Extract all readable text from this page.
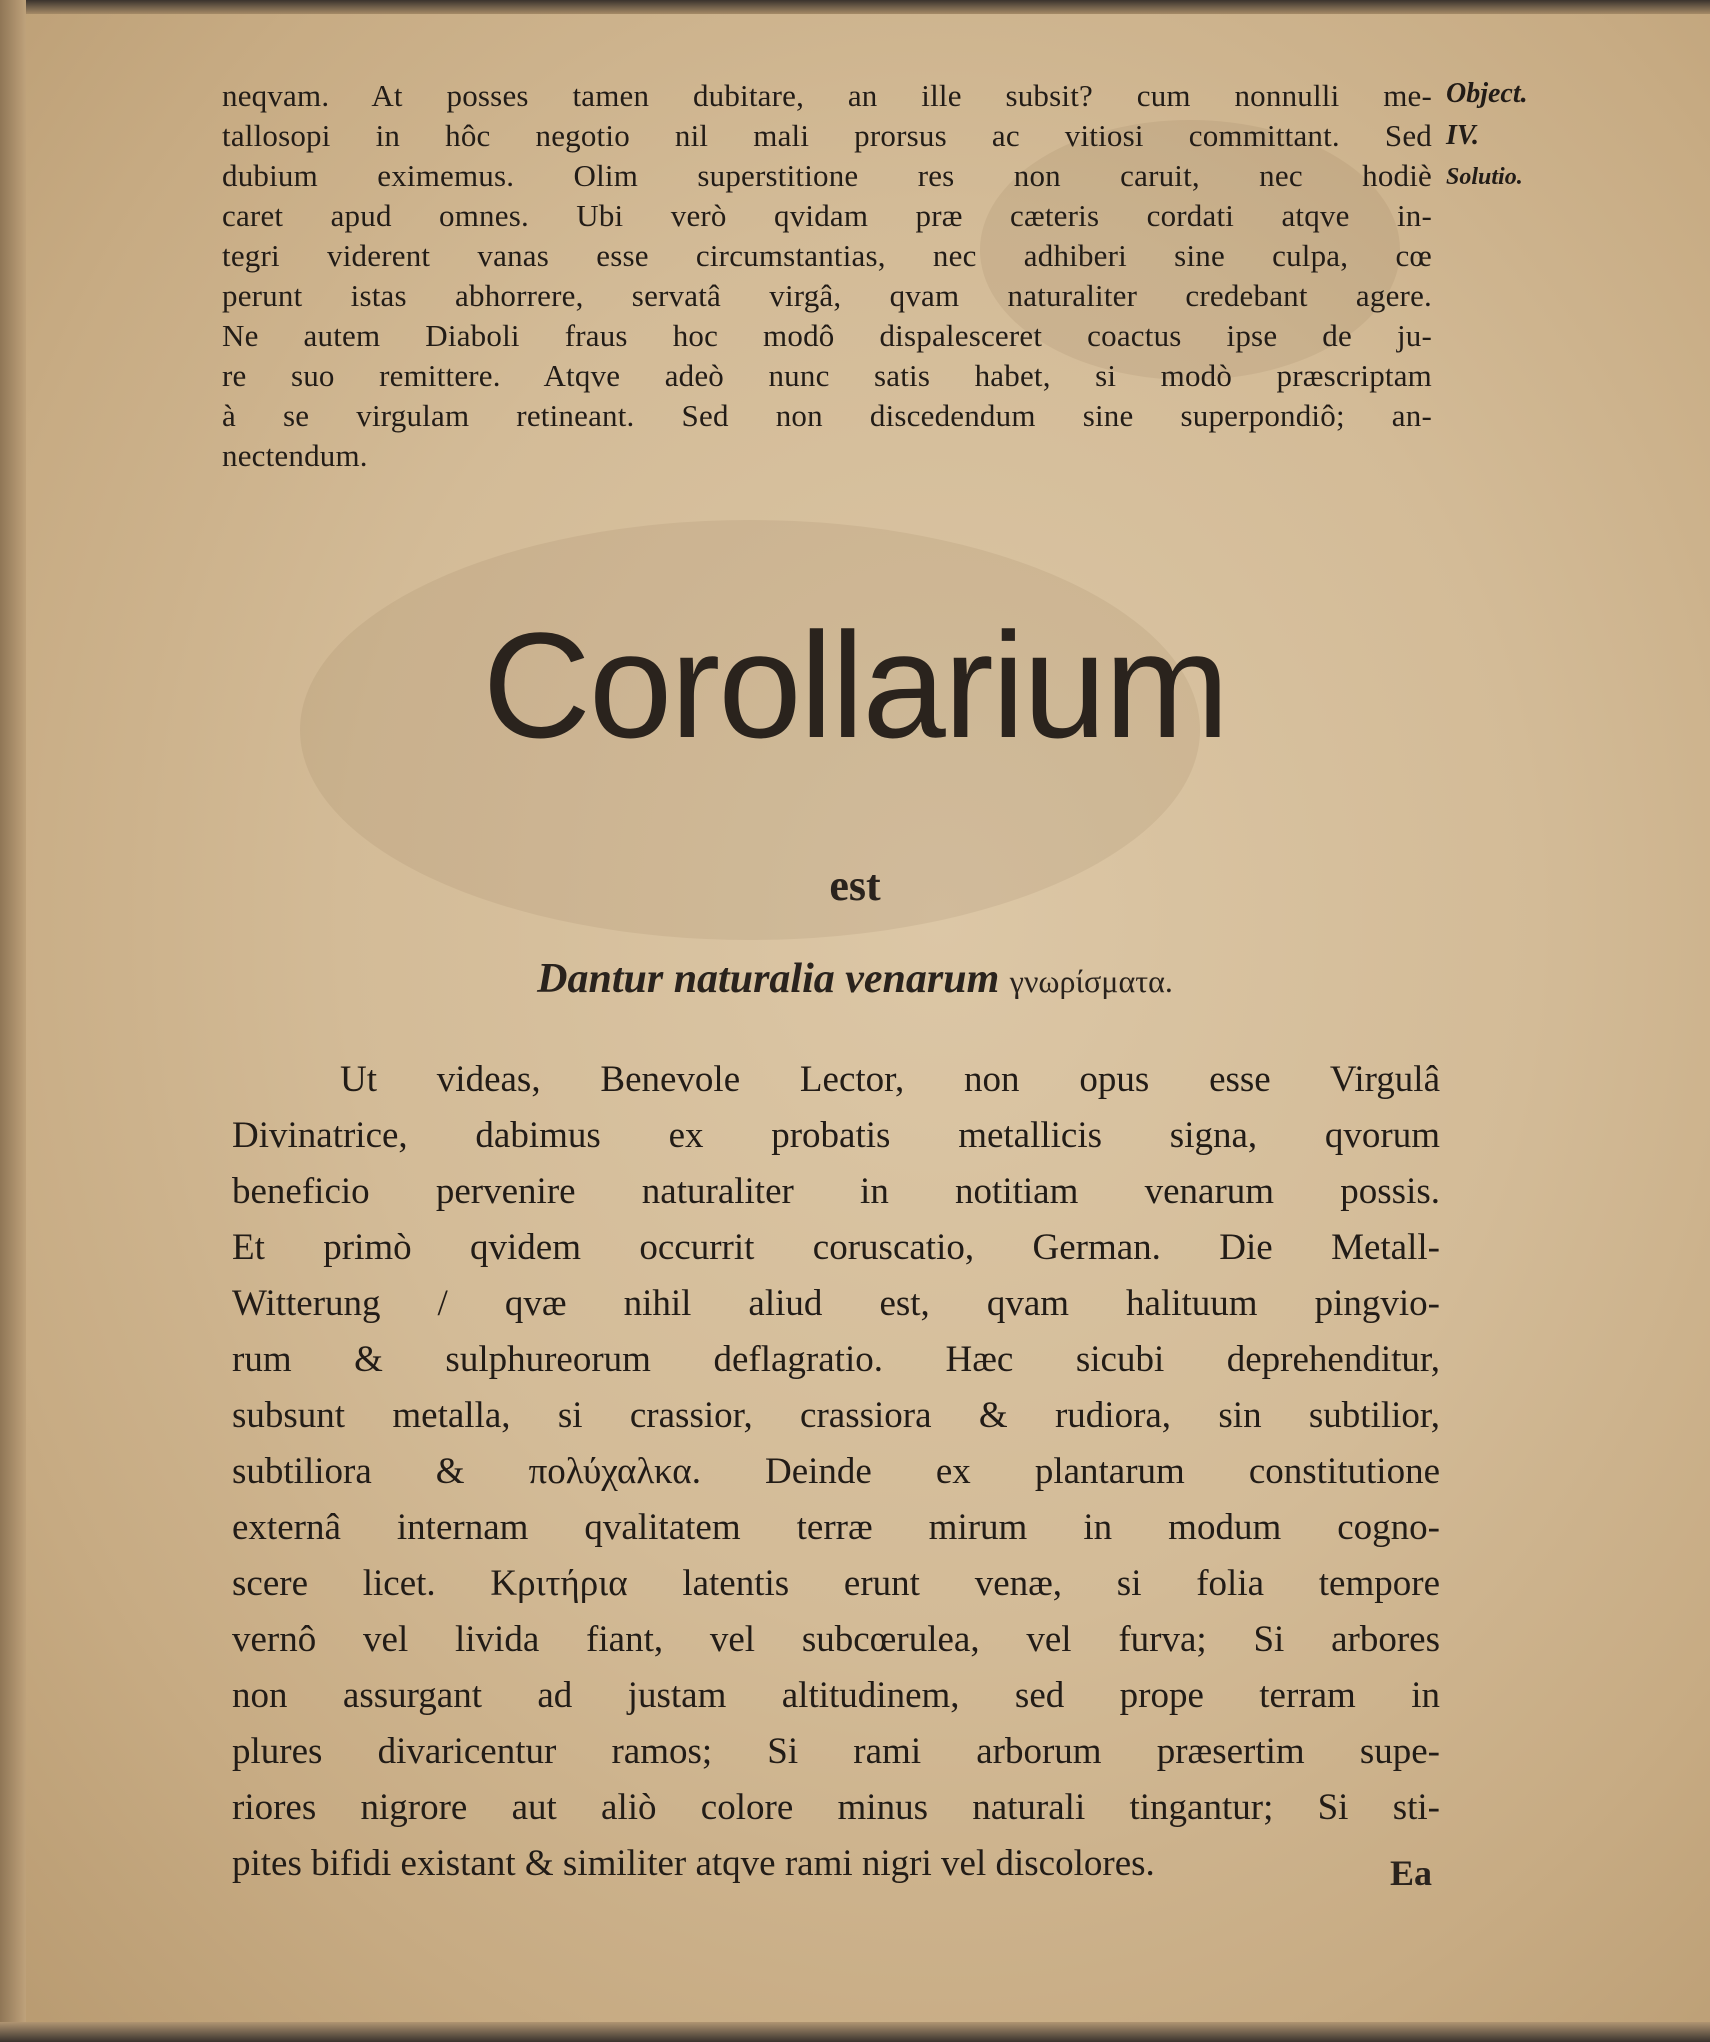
neqvam. At posses tamen dubitare, an ille subsit? cum nonnulli me-
tallosopi in hôc negotio nil mali prorsus ac vitiosi committant. Sed
dubium eximemus. Olim superstitione res non caruit, nec hodiè
caret apud omnes. Ubi verò qvidam præ cæteris cordati atqve in-
tegri viderent vanas esse circumstantias, nec adhiberi sine culpa, cœ
perunt istas abhorrere, servatâ virgâ, qvam naturaliter credebant agere.
Ne autem Diaboli fraus hoc modô dispalesceret coactus ipse de ju-
re suo remittere. Atqve adeò nunc satis habet, si modò præscriptam
à se virgulam retineant. Sed non discedendum sine superpondiô; an-
nectendum.
Object.
IV.
Solutio.
Corollarium
est
Dantur naturalia venarum γνωρίσματα.
Ut videas, Benevole Lector, non opus esse Virgulâ
Divinatrice, dabimus ex probatis metallicis signa, qvorum
beneficio pervenire naturaliter in notitiam venarum possis.
Et primò qvidem occurrit coruscatio, German. Die Metall-
Witterung / qvæ nihil aliud est, qvam halituum pingvio-
rum & sulphureorum deflagratio. Hæc sicubi deprehenditur,
subsunt metalla, si crassior, crassiora & rudiora, sin subtilior,
subtiliora & πολύχαλκα. Deinde ex plantarum constitutione
externâ internam qvalitatem terræ mirum in modum cogno-
scere licet. Κριτήρια latentis erunt venæ, si folia tempore
vernô vel livida fiant, vel subcœrulea, vel furva; Si arbores
non assurgant ad justam altitudinem, sed prope terram in
plures divaricentur ramos; Si rami arborum præsertim supe-
riores nigrore aut aliò colore minus naturali tingantur; Si sti-
pites bifidi existant & similiter atqve rami nigri vel discolores.	Ea
